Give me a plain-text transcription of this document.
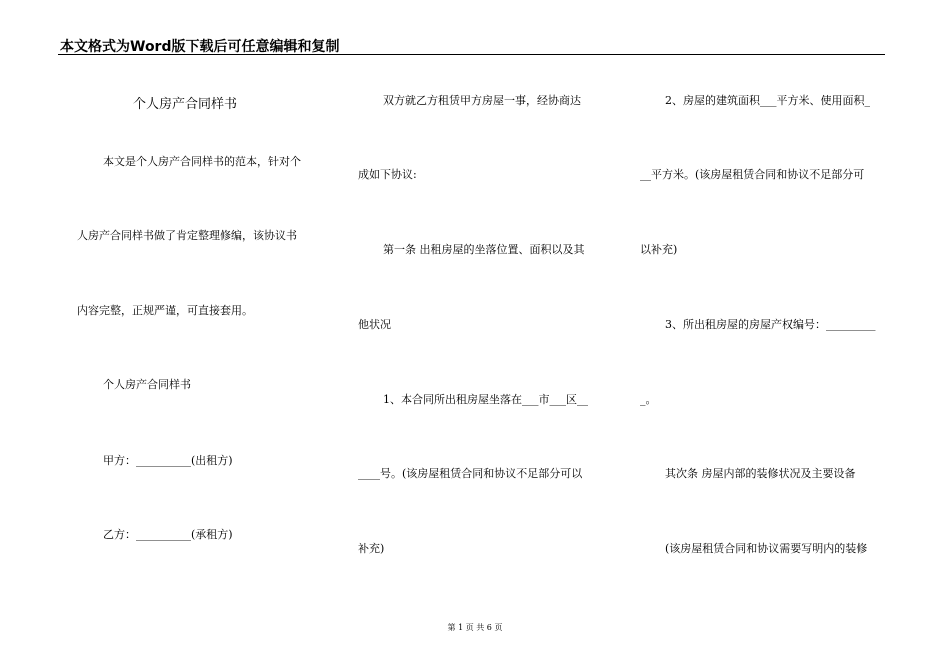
本文格式为Word版下载后可任意编辑和复制
个人房产合同样书
本文是个人房产合同样书的范本，针对个
人房产合同样书做了肯定整理修编，该协议书
内容完整，正规严谨，可直接套用。
个人房产合同样书
甲方：__________(出租方)
乙方：__________(承租方)
双方就乙方租赁甲方房屋一事，经协商达
成如下协议:
第一条 出租房屋的坐落位置、面积以及其
他状况
1、本合同所出租房屋坐落在___市___区__
____号。(该房屋租赁合同和协议不足部分可以
补充)
2、房屋的建筑面积___平方米、使用面积_
__平方米。(该房屋租赁合同和协议不足部分可
以补充)
3、所出租房屋的房屋产权编号：_________
_。
其次条 房屋内部的装修状况及主要设备
(该房屋租赁合同和协议需要写明内的装修
第 1 页 共 6 页
